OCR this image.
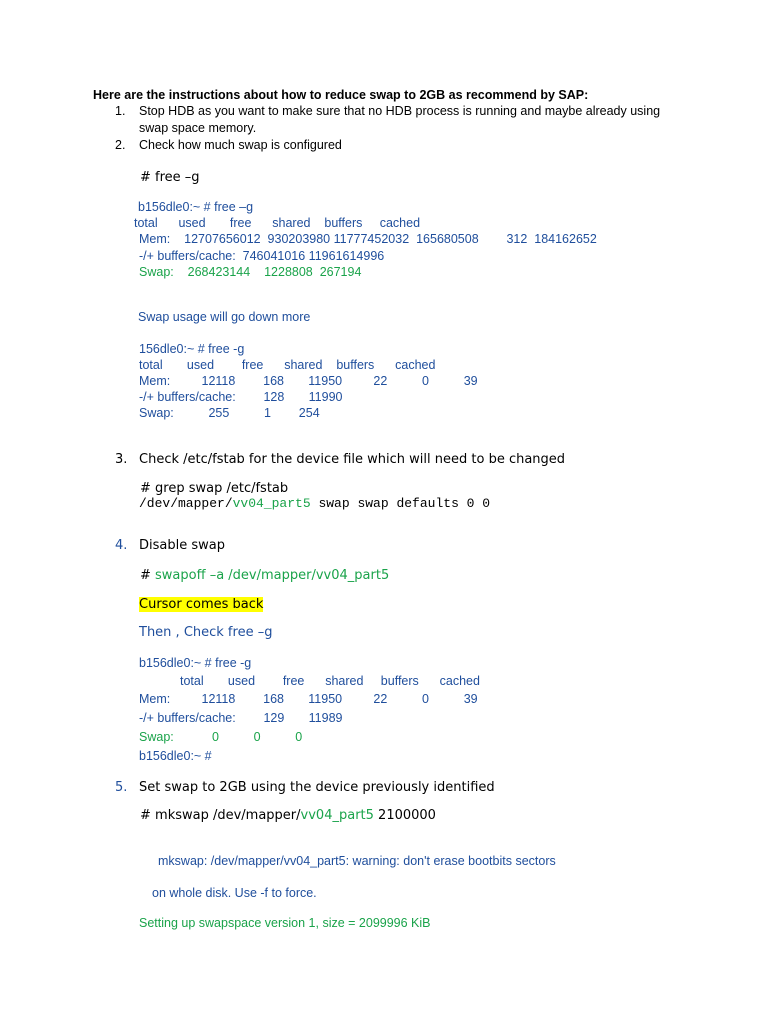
Here are the instructions about how to reduce swap to 2GB as recommend by SAP:
1. Stop HDB as you want to make sure that no HDB process is running and maybe already using
swap space memory.
2. Check how much swap is configured
# free –g
b156dle0:~ # free –g
total      used       free      shared    buffers     cached
Mem:    12707656012  930203980 11777452032  165680508        312  184162652
-/+ buffers/cache:  746041016 11961614996
Swap:    268423144    1228808  267194
Swap usage will go down more
156dle0:~ # free -g
total       used        free      shared    buffers      cached
Mem:         12118        168       11950         22          0          39
-/+ buffers/cache:        128       11990
Swap:          255          1        254
3. Check /etc/fstab for the device file which will need to be changed
# grep swap /etc/fstab
/dev/mapper/vv04_part5 swap swap defaults 0 0
4. Disable swap
# swapoff –a /dev/mapper/vv04_part5
Cursor comes back
Then , Check free –g
b156dle0:~ # free -g
total       used        free      shared     buffers      cached
Mem:         12118        168       11950         22          0          39
-/+ buffers/cache:        129       11989
Swap:           0          0          0
b156dle0:~ #
5. Set swap to 2GB using the device previously identified
# mkswap /dev/mapper/vv04_part5 2100000
mkswap: /dev/mapper/vv04_part5: warning: don't erase bootbits sectors
on whole disk. Use -f to force.
Setting up swapspace version 1, size = 2099996 KiB
